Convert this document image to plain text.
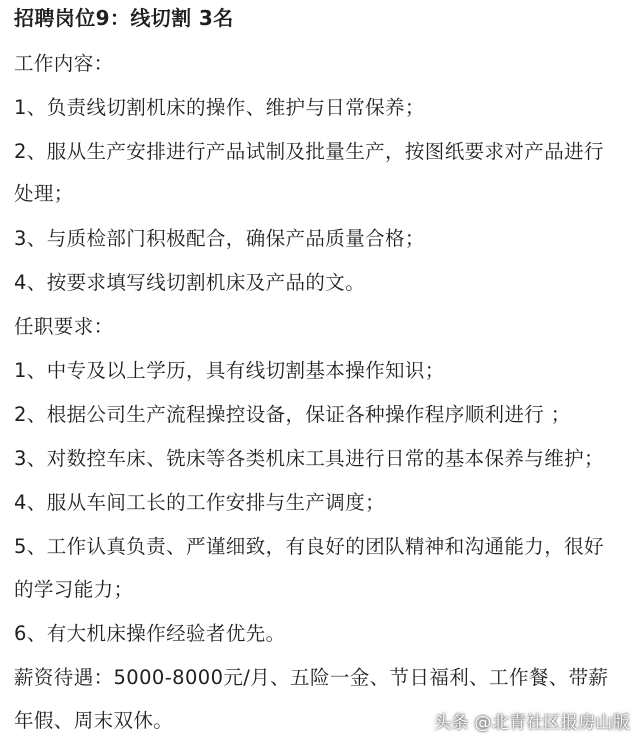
招聘岗位9：线切割 3名
工作内容：
1、负责线切割机床的操作、维护与日常保养；
2、服从生产安排进行产品试制及批量生产，按图纸要求对产品进行
处理；
3、与质检部门积极配合，确保产品质量合格；
4、按要求填写线切割机床及产品的文。
任职要求：
1、中专及以上学历，具有线切割基本操作知识；
2、根据公司生产流程操控设备，保证各种操作程序顺利进行 ；
3、对数控车床、铣床等各类机床工具进行日常的基本保养与维护；
4、服从车间工长的工作安排与生产调度；
5、工作认真负责、严谨细致，有良好的团队精神和沟通能力，很好
的学习能力；
6、有大机床操作经验者优先。
薪资待遇：5000-8000元/月、五险一金、节日福利、工作餐、带薪
年假、周末双休。	头条 @北青社区报房山版
